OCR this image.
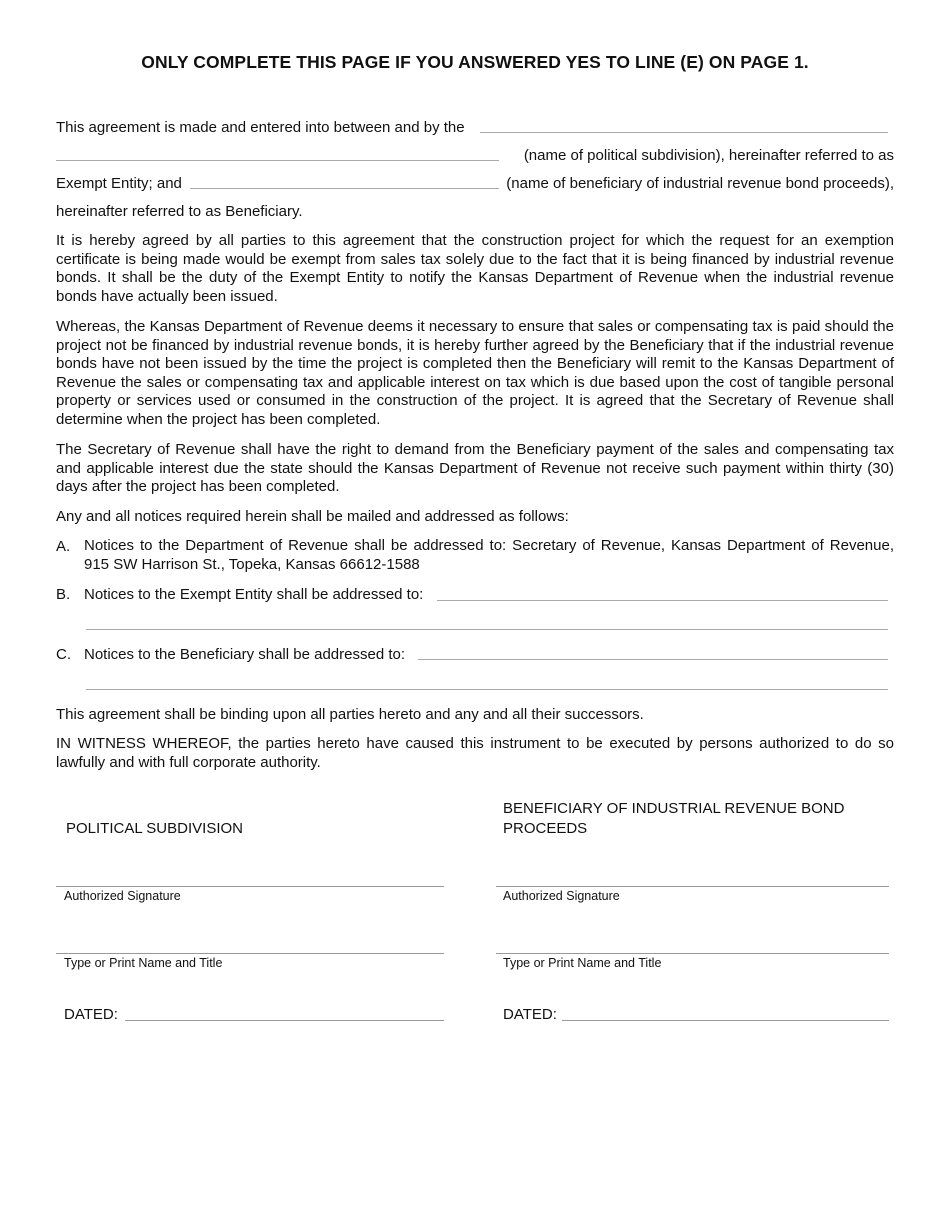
ONLY COMPLETE THIS PAGE IF YOU ANSWERED YES TO LINE (E) ON PAGE 1.
This agreement is made and entered into between and by the
(name of political subdivision), hereinafter referred to as
Exempt Entity; and	(name of beneficiary of industrial revenue bond proceeds),
hereinafter referred to as Beneficiary.
It is hereby agreed by all parties to this agreement that the construction project for which the request for an exemption certificate is being made would be exempt from sales tax solely due to the fact that it is being financed by industrial revenue bonds. It shall be the duty of the Exempt Entity to notify the Kansas Department of Revenue when the industrial revenue bonds have actually been issued.
Whereas, the Kansas Department of Revenue deems it necessary to ensure that sales or compensating tax is paid should the project not be financed by industrial revenue bonds, it is hereby further agreed by the Beneficiary that if the industrial revenue bonds have not been issued by the time the project is completed then the Beneficiary will remit to the Kansas Department of Revenue the sales or compensating tax and applicable interest on tax which is due based upon the cost of tangible personal property or services used or consumed in the construction of the project. It is agreed that the Secretary of Revenue shall determine when the project has been completed.
The Secretary of Revenue shall have the right to demand from the Beneficiary payment of the sales and compensating tax and applicable interest due the state should the Kansas Department of Revenue not receive such payment within thirty (30) days after the project has been completed.
Any and all notices required herein shall be mailed and addressed as follows:
A. Notices to the Department of Revenue shall be addressed to: Secretary of Revenue, Kansas Department of Revenue, 915 SW Harrison St., Topeka, Kansas 66612-1588
B. Notices to the Exempt Entity shall be addressed to:
C. Notices to the Beneficiary shall be addressed to:
This agreement shall be binding upon all parties hereto and any and all their successors.
IN WITNESS WHEREOF, the parties hereto have caused this instrument to be executed by persons authorized to do so lawfully and with full corporate authority.
POLITICAL SUBDIVISION
BENEFICIARY OF INDUSTRIAL REVENUE BOND PROCEEDS
Authorized Signature	Authorized Signature
Type or Print Name and Title	Type or Print Name and Title
DATED:	DATED:
